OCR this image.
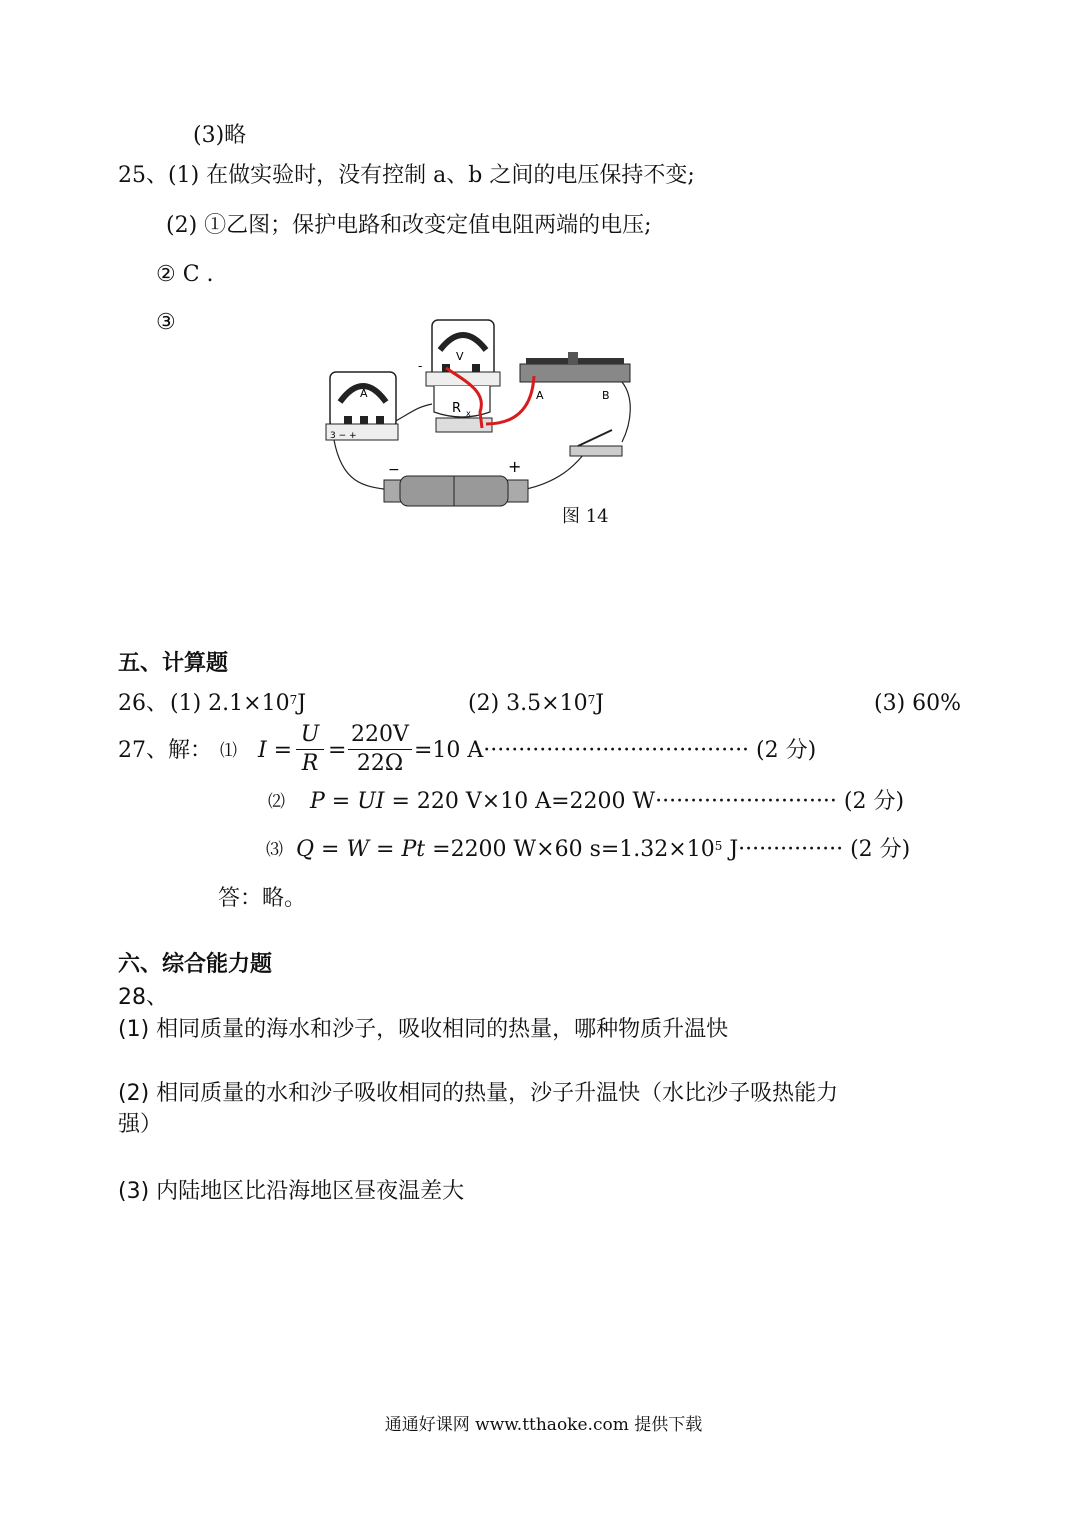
(3)略
25、(1) 在做实验时，没有控制 a、b 之间的电压保持不变;
(2) ①乙图；保护电路和改变定值电阻两端的电压;
② C .
③
A
3 − +
V
-
R x
A	B
−	+
图 14
五、计算题
26、 (1) $2.1\times 10^7J$	(2) $3.5\times 10^7J$	(3) 60%
27、解： ⑴ $I = \frac{U}{R} = \frac{220V}{22\Omega} =10$ A······································ (2 分)
⑵ P = UI = 220 V×10 A=2200 W·························· (2 分)
⑶ Q = W = Pt =2200 W×60 $s=1.32\times 10^5$ J··············· (2 分)
答：略。
六、综合能力题
28、
(1) 相同质量的海水和沙子，吸收相同的热量，哪种物质升温快
(2) 相同质量的水和沙子吸收相同的热量，沙子升温快（水比沙子吸热能力
强）
(3) 内陆地区比沿海地区昼夜温差大
通通好课网 www.tthaoke.com 提供下载
